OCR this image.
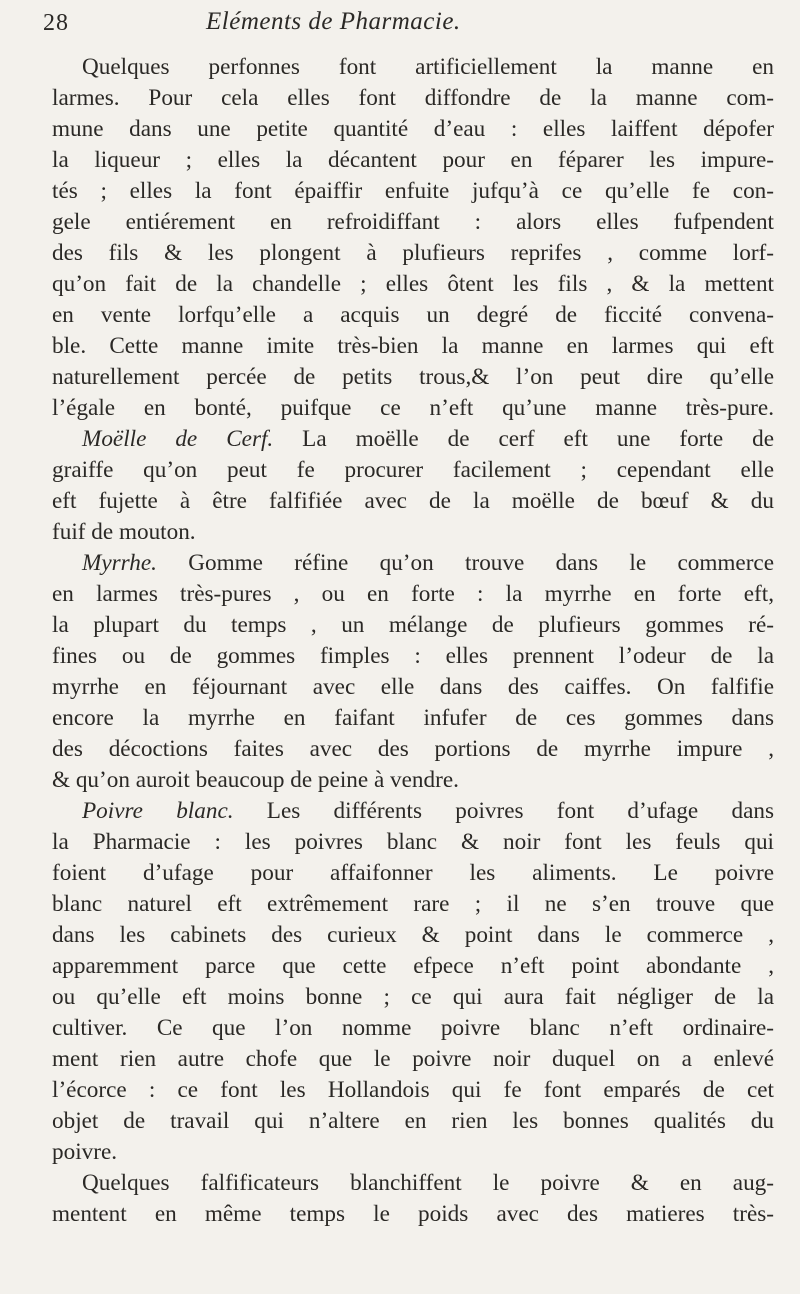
28	Eléments de Pharmacie.
Quelques perfonnes font artificiellement la manne en
larmes. Pour cela elles font diffondre de la manne com-
mune dans une petite quantité d’eau : elles laiffent dépofer
la liqueur ; elles la décantent pour en féparer les impure-
tés ; elles la font épaiffir enfuite jufqu’à ce qu’elle fe con-
gele entiérement en refroidiffant : alors elles fufpendent
des fils & les plongent à plufieurs reprifes , comme lorf-
qu’on fait de la chandelle ; elles ôtent les fils , & la mettent
en vente lorfqu’elle a acquis un degré de ficcité convena-
ble. Cette manne imite très-bien la manne en larmes qui eft
naturellement percée de petits trous,& l’on peut dire qu’elle
l’égale en bonté, puifque ce n’eft qu’une manne très-pure.
Moëlle de Cerf. La moëlle de cerf eft une forte de
graiffe qu’on peut fe procurer facilement ; cependant elle
eft fujette à être falfifiée avec de la moëlle de bœuf & du
fuif de mouton.
Myrrhe. Gomme réfine qu’on trouve dans le commerce
en larmes très-pures , ou en forte : la myrrhe en forte eft,
la plupart du temps , un mélange de plufieurs gommes ré-
fines ou de gommes fimples : elles prennent l’odeur de la
myrrhe en féjournant avec elle dans des caiffes. On falfifie
encore la myrrhe en faifant infufer de ces gommes dans
des décoctions faites avec des portions de myrrhe impure ,
& qu’on auroit beaucoup de peine à vendre.
Poivre blanc. Les différents poivres font d’ufage dans
la Pharmacie : les poivres blanc & noir font les feuls qui
foient d’ufage pour affaifonner les aliments. Le poivre
blanc naturel eft extrêmement rare ; il ne s’en trouve que
dans les cabinets des curieux & point dans le commerce ,
apparemment parce que cette efpece n’eft point abondante ,
ou qu’elle eft moins bonne ; ce qui aura fait négliger de la
cultiver. Ce que l’on nomme poivre blanc n’eft ordinaire-
ment rien autre chofe que le poivre noir duquel on a enlevé
l’écorce : ce font les Hollandois qui fe font emparés de cet
objet de travail qui n’altere en rien les bonnes qualités du
poivre.
Quelques falfificateurs blanchiffent le poivre & en aug-
mentent en même temps le poids avec des matieres très-
